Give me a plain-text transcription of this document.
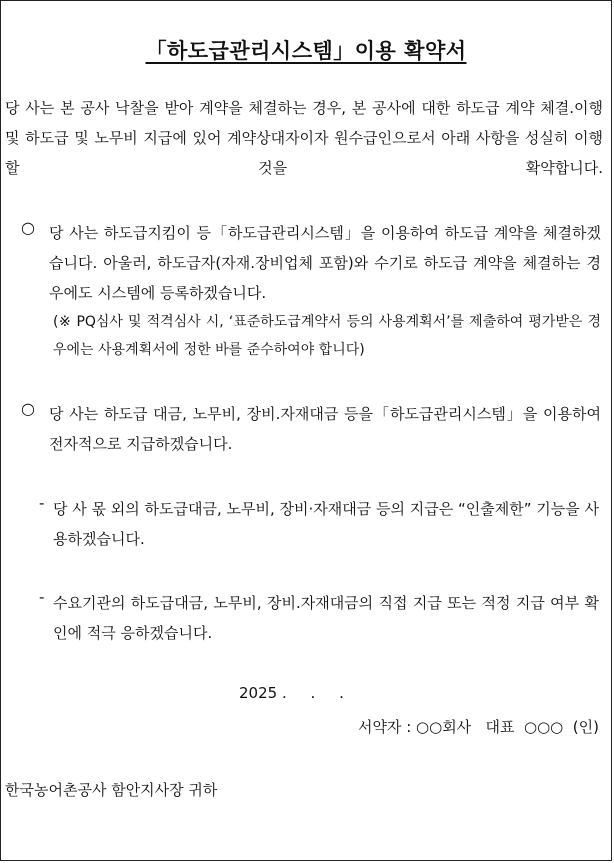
「하도급관리시스템」이용 확약서

당 사는 본 공사 낙찰을 받아 계약을 체결하는 경우, 본 공사에 대한 하도급 계약 체결.이행 및 하도급 및 노무비 지급에 있어 계약상대자이자 원수급인으로서 아래 사항을 성실히 이행할 것을 확약합니다.

○ 당 사는 하도급지킴이 등「하도급관리시스템」을 이용하여 하도급 계약을 체결하겠습니다. 아울러, 하도급자(자재.장비업체 포함)와 수기로 하도급 계약을 체결하는 경우에도 시스템에 등록하겠습니다.
(※ PQ심사 및 적격심사 시, ‘표준하도급계약서 등의 사용계획서’를 제출하여 평가받은 경우에는 사용계획서에 정한 바를 준수하여야 합니다)
○ 당 사는 하도급 대금, 노무비, 장비.자재대금 등을「하도급관리시스템」을 이용하여 전자적으로 지급하겠습니다.
- 당 사 몫 외의 하도급대금, 노무비, 장비·자재대금 등의 지급은 “인출제한” 기능을 사용하겠습니다.
- 수요기관의 하도급대금, 노무비, 장비.자재대금의 직접 지급 또는 적정 지급 여부 확인에 적극 응하겠습니다.
2025 .     .     .
서약자 : ○○회사   대표  ○○○  (인)
한국농어촌공사 함안지사장 귀하
